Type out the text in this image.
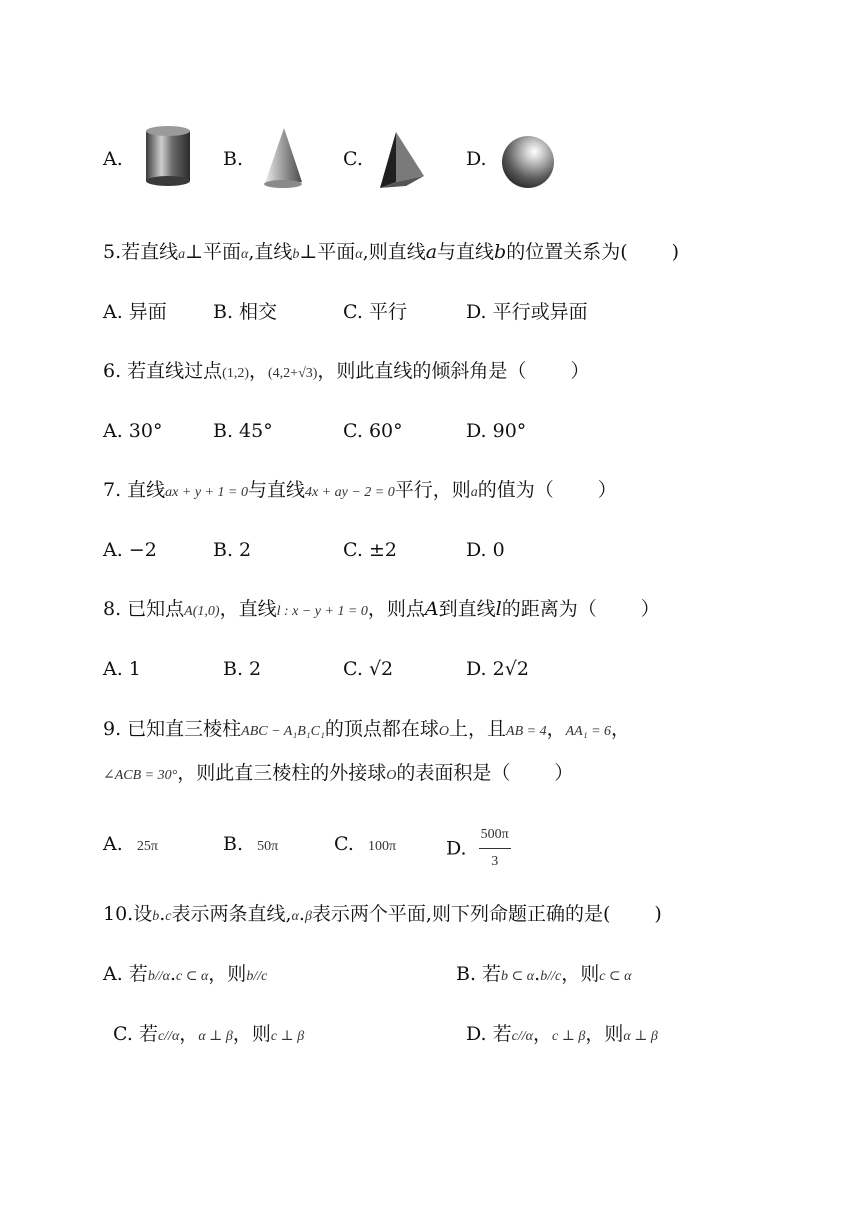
A.	B.	C.	D.
5.若直线a⊥平面α,直线b⊥平面α,则直线a与直线b的位置关系为( )
A. 异面 B. 相交	C. 平行	D. 平行或异面
6. 若直线过点(1,2)，(4,2+√3)，则此直线的倾斜角是（ ）
A. 30°	B. 45°	C. 60°	D. 90°
7. 直线ax + y + 1 = 0与直线4x + ay − 2 = 0平行，则a的值为（ ）
A. −2	B. 2	C. ±2	D. 0
8. 已知点A(1,0)，直线l : x − y + 1 = 0，则点A到直线l的距离为（ ）
A. 1	B. 2	C. √2	D. 2√2
9. 已知直三棱柱ABC − A₁B₁C₁的顶点都在球O上，且AB = 4，AA₁ = 6，
∠ACB = 30°，则此直三棱柱的外接球O的表面积是（ ）
A. 25π	B. 50π	C. 100π	D. $\frac{500\pi}{3}$
10.设b.c表示两条直线,α.β表示两个平面,则下列命题正确的是( )
A. 若b//α.c ⊂ α，则b//c	B. 若b ⊂ α.b//c，则c ⊂ α
C. 若c//α，α ⊥ β，则c ⊥ β	D. 若c//α，c ⊥ β，则α ⊥ β
